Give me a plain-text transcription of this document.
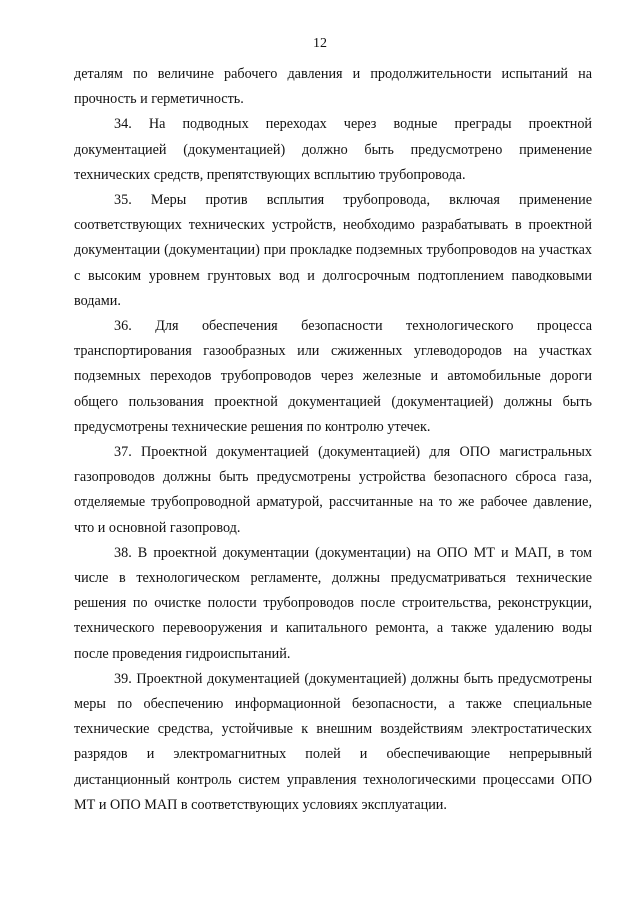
12

деталям по величине рабочего давления и продолжительности испытаний на прочность и герметичность.

34. На подводных переходах через водные преграды проектной документацией (документацией) должно быть предусмотрено применение технических средств, препятствующих всплытию трубопровода.

35. Меры против всплытия трубопровода, включая применение соответствующих технических устройств, необходимо разрабатывать в проектной документации (документации) при прокладке подземных трубопроводов на участках с высоким уровнем грунтовых вод и долгосрочным подтоплением паводковыми водами.

36. Для обеспечения безопасности технологического процесса транспортирования газообразных или сжиженных углеводородов на участках подземных переходов трубопроводов через железные и автомобильные дороги общего пользования проектной документацией (документацией) должны быть предусмотрены технические решения по контролю утечек.

37. Проектной документацией (документацией) для ОПО магистральных газопроводов должны быть предусмотрены устройства безопасного сброса газа, отделяемые трубопроводной арматурой, рассчитанные на то же рабочее давление, что и основной газопровод.

38. В проектной документации (документации) на ОПО МТ и МАП, в том числе в технологическом регламенте, должны предусматриваться технические решения по очистке полости трубопроводов после строительства, реконструкции, технического перевооружения и капитального ремонта, а также удалению воды после проведения гидроиспытаний.

39. Проектной документацией (документацией) должны быть предусмотрены меры по обеспечению информационной безопасности, а также специальные технические средства, устойчивые к внешним воздействиям электростатических разрядов и электромагнитных полей и обеспечивающие непрерывный дистанционный контроль систем управления технологическими процессами ОПО МТ и ОПО МАП в соответствующих условиях эксплуатации.
